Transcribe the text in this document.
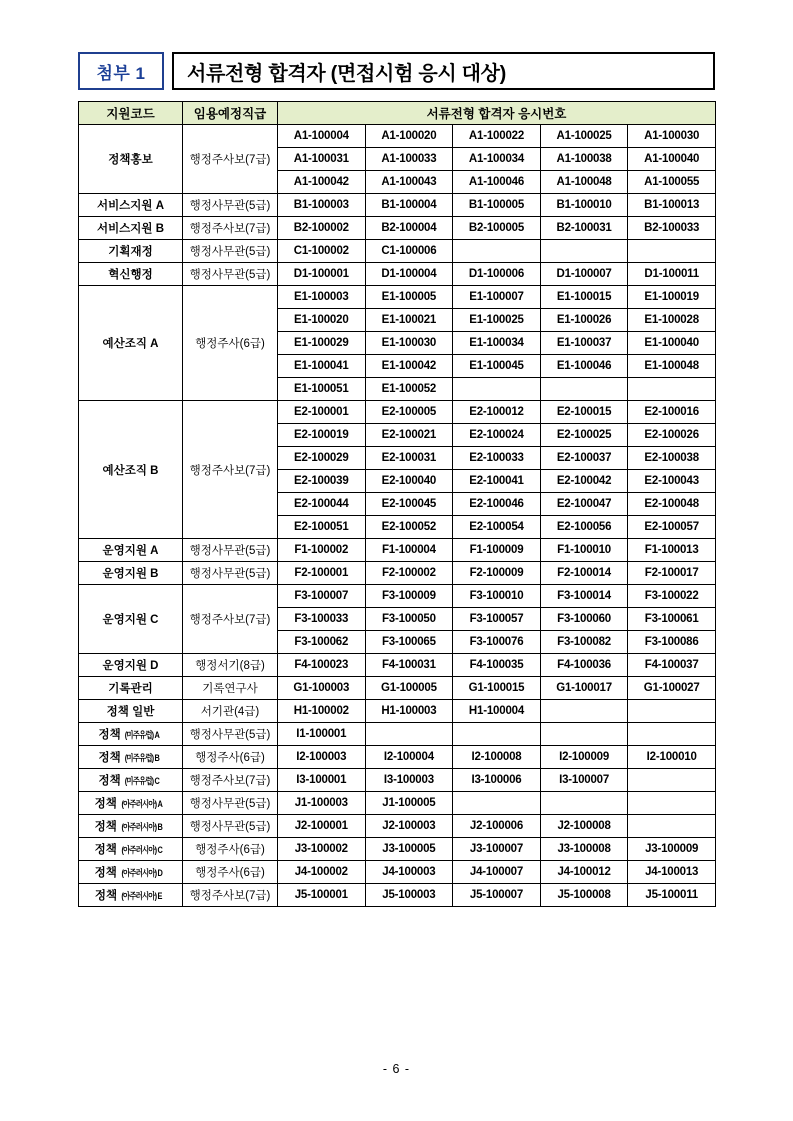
첨부 1 서류전형 합격자 (면접시험 응시 대상)
지원코드	임용예정직급	서류전형 합격자 응시번호				
정책홍보	행정주사보(7급)	A1-100004	A1-100020	A1-100022	A1-100025	A1-100030
		A1-100031	A1-100033	A1-100034	A1-100038	A1-100040
		A1-100042	A1-100043	A1-100046	A1-100048	A1-100055
서비스지원 A	행정사무관(5급)	B1-100003	B1-100004	B1-100005	B1-100010	B1-100013
서비스지원 B	행정주사보(7급)	B2-100002	B2-100004	B2-100005	B2-100031	B2-100033
기획재정	행정사무관(5급)	C1-100002	C1-100006			
혁신행정	행정사무관(5급)	D1-100001	D1-100004	D1-100006	D1-100007	D1-100011
예산조직 A	행정주사(6급)	E1-100003	E1-100005	E1-100007	E1-100015	E1-100019
		E1-100020	E1-100021	E1-100025	E1-100026	E1-100028
		E1-100029	E1-100030	E1-100034	E1-100037	E1-100040
		E1-100041	E1-100042	E1-100045	E1-100046	E1-100048
		E1-100051	E1-100052			
예산조직 B	행정주사보(7급)	E2-100001	E2-100005	E2-100012	E2-100015	E2-100016
		E2-100019	E2-100021	E2-100024	E2-100025	E2-100026
		E2-100029	E2-100031	E2-100033	E2-100037	E2-100038
		E2-100039	E2-100040	E2-100041	E2-100042	E2-100043
		E2-100044	E2-100045	E2-100046	E2-100047	E2-100048
		E2-100051	E2-100052	E2-100054	E2-100056	E2-100057
운영지원 A	행정사무관(5급)	F1-100002	F1-100004	F1-100009	F1-100010	F1-100013
운영지원 B	행정사무관(5급)	F2-100001	F2-100002	F2-100009	F2-100014	F2-100017
운영지원 C	행정주사보(7급)	F3-100007	F3-100009	F3-100010	F3-100014	F3-100022
		F3-100033	F3-100050	F3-100057	F3-100060	F3-100061
		F3-100062	F3-100065	F3-100076	F3-100082	F3-100086
운영지원 D	행정서기(8급)	F4-100023	F4-100031	F4-100035	F4-100036	F4-100037
기록관리	기록연구사	G1-100003	G1-100005	G1-100015	G1-100017	G1-100027
정책 일반	서기관(4급)	H1-100002	H1-100003	H1-100004		
정책 (미주유럽) A	행정사무관(5급)	I1-100001				
정책 (미주유럽) B	행정주사(6급)	I2-100003	I2-100004	I2-100008	I2-100009	I2-100010
정책 (미주유럽) C	행정주사보(7급)	I3-100001	I3-100003	I3-100006	I3-100007	
정책 (아주러시아) A	행정사무관(5급)	J1-100003	J1-100005			
정책 (아주러시아) B	행정사무관(5급)	J2-100001	J2-100003	J2-100006	J2-100008	
정책 (아주러시아) C	행정주사(6급)	J3-100002	J3-100005	J3-100007	J3-100008	J3-100009
정책 (아주러시아) D	행정주사(6급)	J4-100002	J4-100003	J4-100007	J4-100012	J4-100013
정책 (아주러시아) E	행정주사보(7급)	J5-100001	J5-100003	J5-100007	J5-100008	J5-100011
- 6 -
